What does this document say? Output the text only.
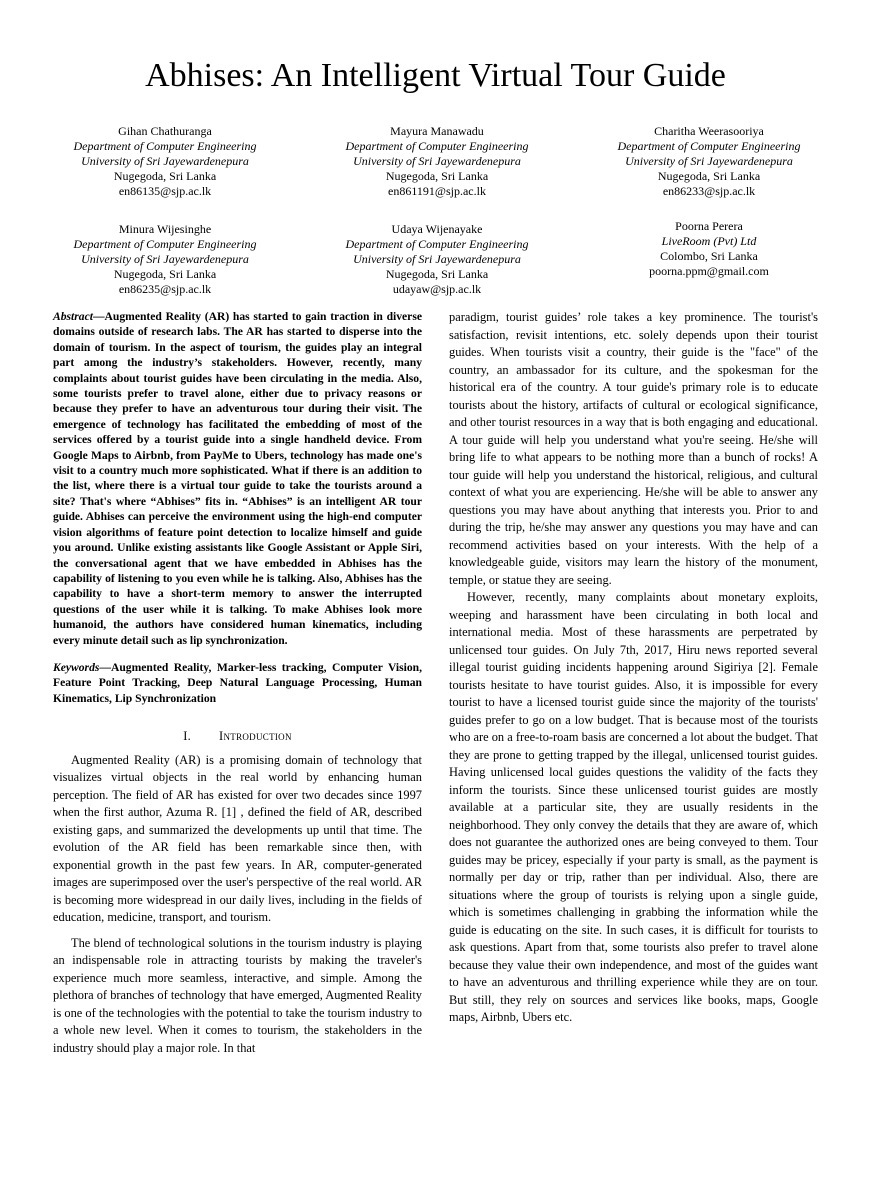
Abhises: An Intelligent Virtual Tour Guide
Gihan Chathuranga
Department of Computer Engineering
University of Sri Jayewardenepura
Nugegoda, Sri Lanka
en86135@sjp.ac.lk
Mayura Manawadu
Department of Computer Engineering
University of Sri Jayewardenepura
Nugegoda, Sri Lanka
en861191@sjp.ac.lk
Charitha Weerasooriya
Department of Computer Engineering
University of Sri Jayewardenepura
Nugegoda, Sri Lanka
en86233@sjp.ac.lk
Minura Wijesinghe
Department of Computer Engineering
University of Sri Jayewardenepura
Nugegoda, Sri Lanka
en86235@sjp.ac.lk
Udaya Wijenayake
Department of Computer Engineering
University of Sri Jayewardenepura
Nugegoda, Sri Lanka
udayaw@sjp.ac.lk
Poorna Perera
LiveRoom (Pvt) Ltd
Colombo, Sri Lanka
poorna.ppm@gmail.com

Abstract—Augmented Reality (AR) has started to gain traction in diverse domains outside of research labs. The AR has started to disperse into the domain of tourism. In the aspect of tourism, the guides play an integral part among the industry’s stakeholders. However, recently, many complaints about tourist guides have been circulating in the media. Also, some tourists prefer to travel alone, either due to privacy reasons or because they prefer to have an adventurous tour during their visit. The emergence of technology has facilitated the embedding of most of the services offered by a tourist guide into a single handheld device. From Google Maps to Airbnb, from PayMe to Ubers, technology has made one's visit to a country much more sophisticated. What if there is an addition to the list, where there is a virtual tour guide to take the tourists around a site? That's where “Abhises” fits in. “Abhises” is an intelligent AR tour guide. Abhises can perceive the environment using the high-end computer vision algorithms of feature point detection to localize himself and guide you around. Unlike existing assistants like Google Assistant or Apple Siri, the conversational agent that we have embedded in Abhises has the capability of listening to you even while he is talking. Also, Abhises has the capability to have a short-term memory to answer the interrupted questions of the user while it is talking. To make Abhises look more humanoid, the authors have considered human kinematics, including every minute detail such as lip synchronization.

Keywords—Augmented Reality, Marker-less tracking, Computer Vision, Feature Point Tracking, Deep Natural Language Processing, Human Kinematics, Lip Synchronization

I. Introduction

Augmented Reality (AR) is a promising domain of technology that visualizes virtual objects in the real world by enhancing human perception. The field of AR has existed for over two decades since 1997 when the first author, Azuma R. [1] , defined the field of AR, described existing gaps, and summarized the developments up until that time. The evolution of the AR field has been remarkable since then, with exponential growth in the past few years. In AR, computer-generated images are superimposed over the user's perspective of the real world. AR is becoming more widespread in our daily lives, including in the fields of education, medicine, transport, and tourism.

The blend of technological solutions in the tourism industry is playing an indispensable role in attracting tourists by making the traveler's experience much more seamless, interactive, and simple. Among the plethora of branches of technology that have emerged, Augmented Reality is one of the technologies with the potential to take the tourism industry to a whole new level. When it comes to tourism, the stakeholders in the industry should play a major role. In that

paradigm, tourist guides’ role takes a key prominence. The tourist's satisfaction, revisit intentions, etc. solely depends upon their tourist guides. When tourists visit a country, their guide is the "face" of the country, an ambassador for its culture, and the spokesman for the historical era of the country. A tour guide's primary role is to educate tourists about the history, artifacts of cultural or ecological significance, and other tourist resources in a way that is both engaging and educational. A tour guide will help you understand what you're seeing. He/she will bring life to what appears to be nothing more than a bunch of rocks! A tour guide will help you understand the historical, religious, and cultural context of what you are experiencing. He/she will be able to answer any questions you may have about anything that interests you. Prior to and during the trip, he/she may answer any questions you may have and can recommend activities based on your interests. With the help of a knowledgeable guide, visitors may learn the history of the monument, temple, or statue they are seeing.

However, recently, many complaints about monetary exploits, weeping and harassment have been circulating in both local and international media. Most of these harassments are perpetrated by unlicensed tour guides. On July 7th, 2017, Hiru news reported several illegal tourist guiding incidents happening around Sigiriya [2]. Female tourists hesitate to have tourist guides. Also, it is impossible for every tourist to have a licensed tourist guide since the majority of the tourists' guides prefer to go on a low budget. That is because most of the tourists who are on a free-to-roam basis are concerned a lot about the budget. That they are prone to getting trapped by the illegal, unlicensed tourist guides. Having unlicensed local guides questions the validity of the facts they inform the tourists. Since these unlicensed tourist guides are mostly available at a particular site, they are usually residents in the neighborhood. They only convey the details that they are aware of, which does not guarantee the authorized ones are being conveyed to them. Tour guides may be pricey, especially if your party is small, as the payment is normally per day or trip, rather than per individual. Also, there are situations where the group of tourists is relying upon a single guide, which is sometimes challenging in grabbing the information while the guide is educating on the site. In such cases, it is difficult for tourists to ask questions. Apart from that, some tourists also prefer to travel alone because they value their own independence, and most of the guides want to have an adventurous and thrilling experience while they are on tour. But still, they rely on sources and services like books, maps, Google maps, Airbnb, Ubers etc.
